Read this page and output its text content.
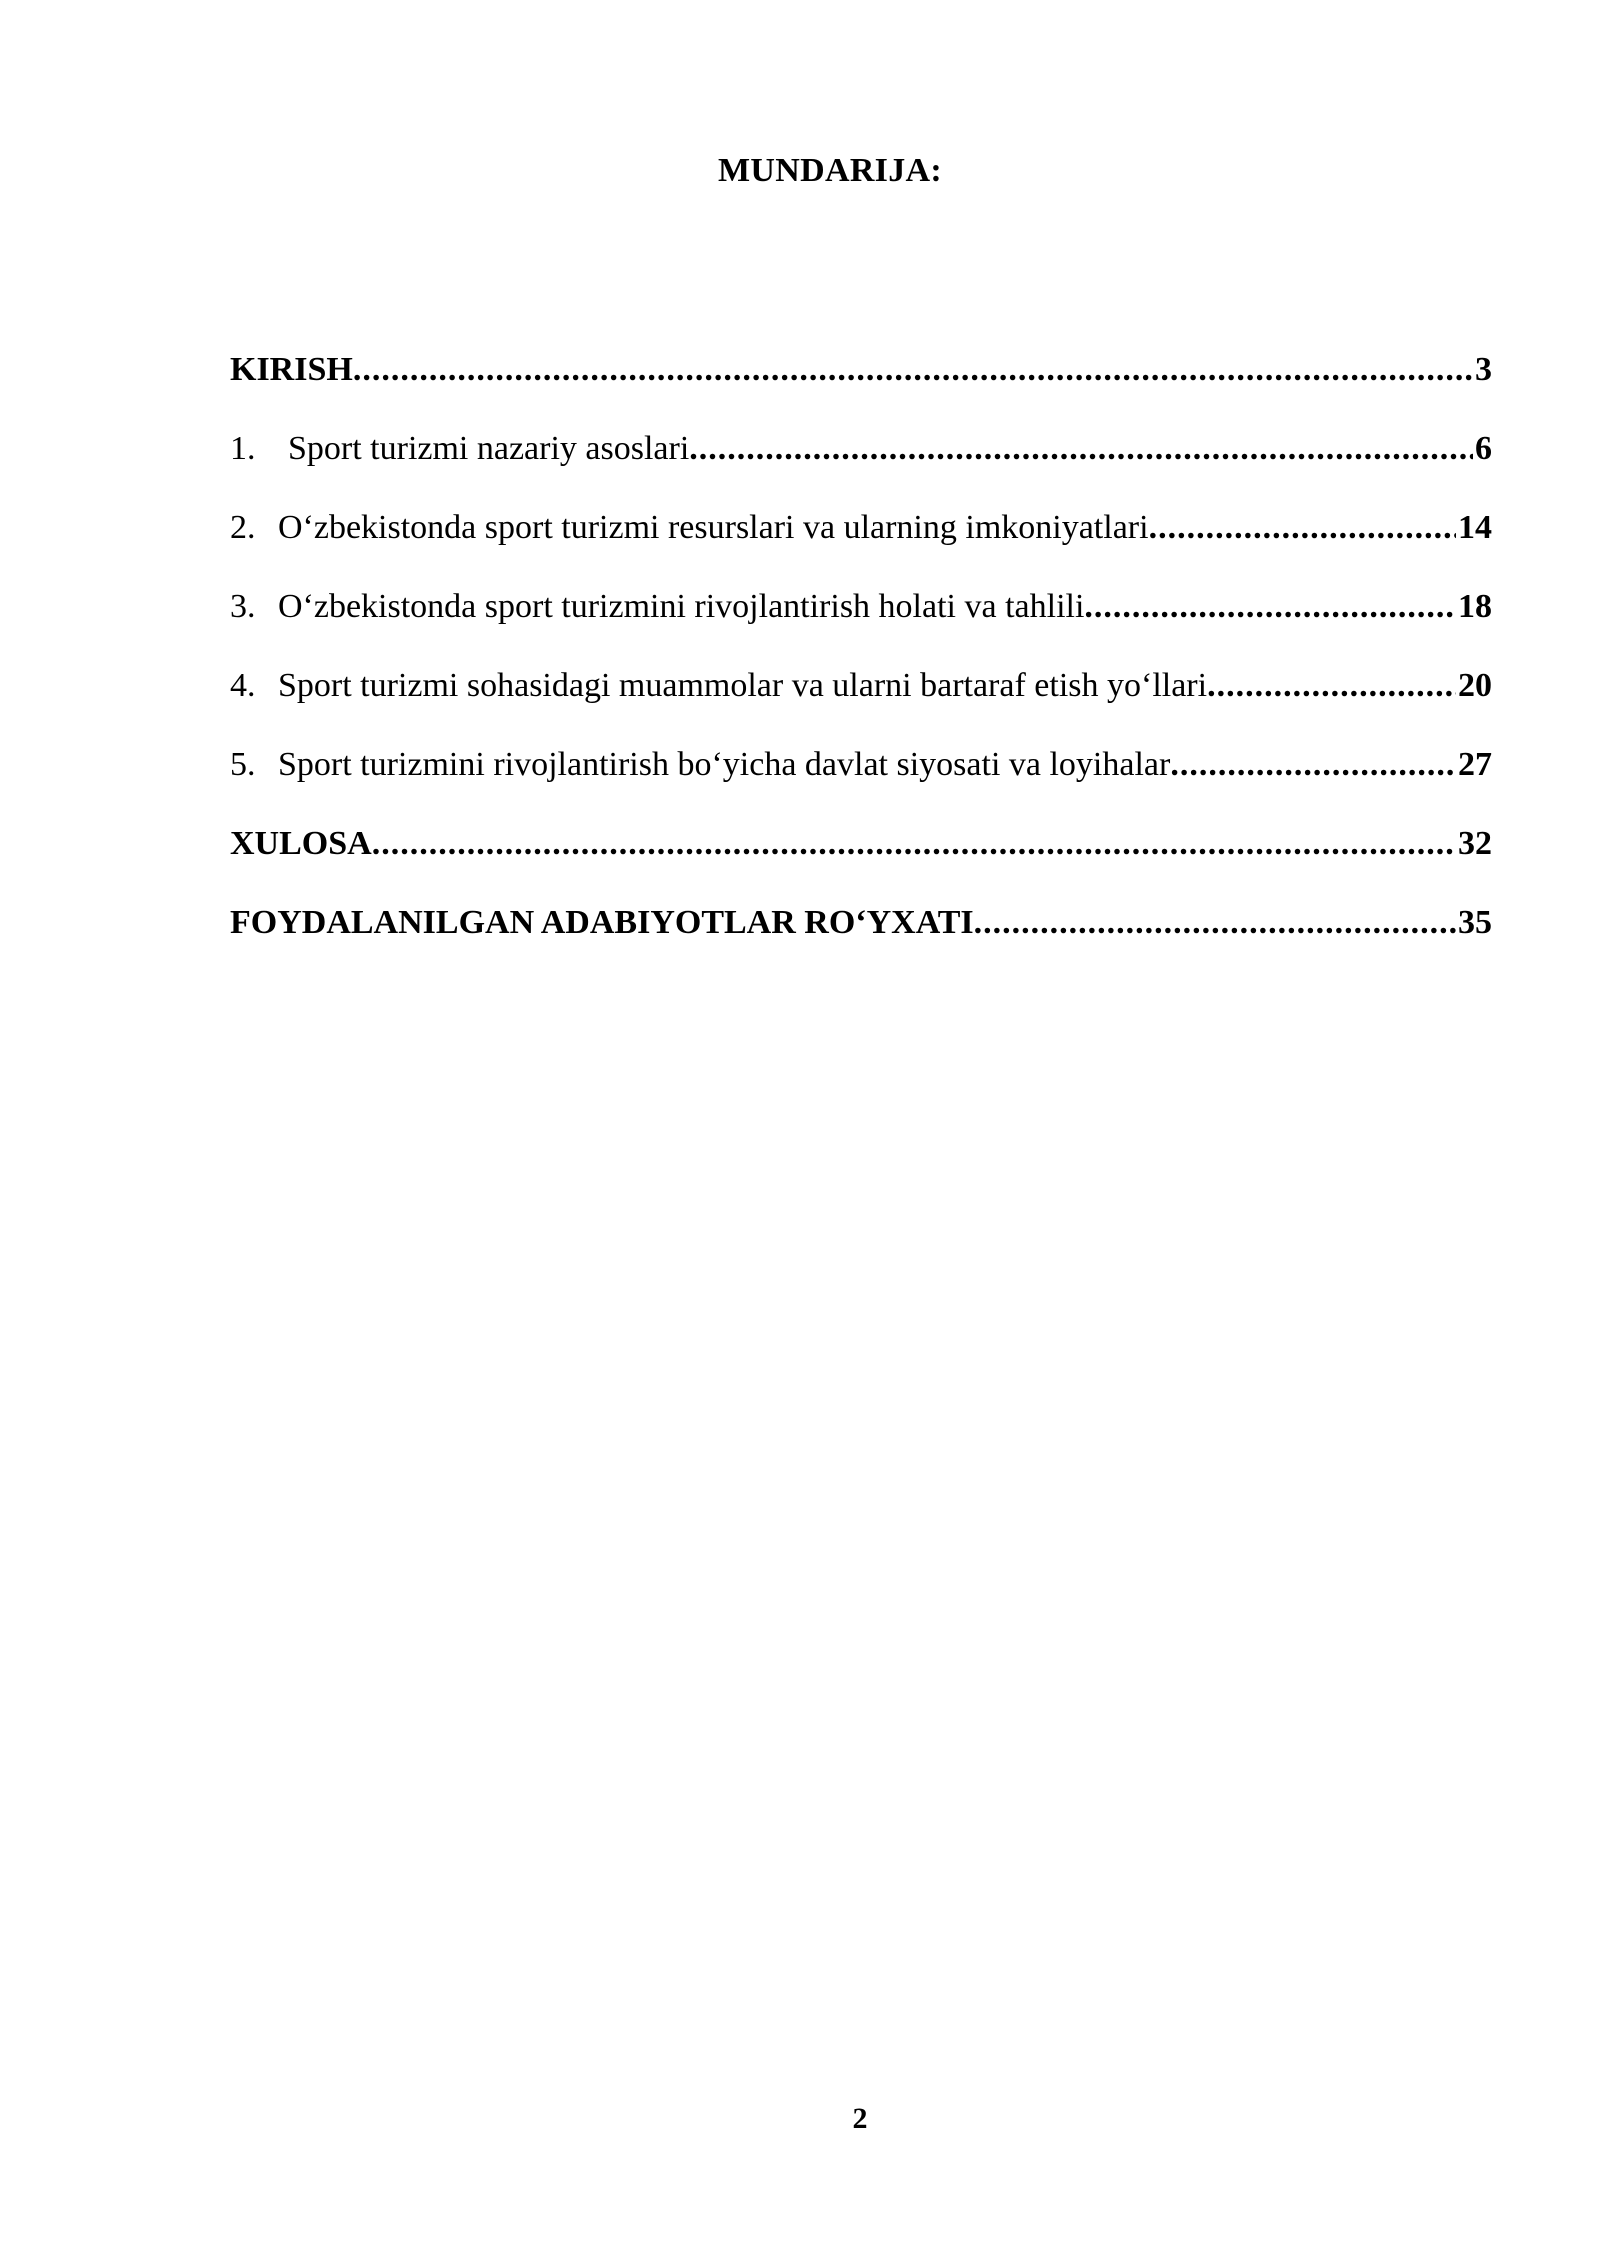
MUNDARIJA:
KIRISH .....	3
1. Sport turizmi nazariy asoslari .....	6
2. O‘zbekistonda sport turizmi resurslari va ularning imkoniyatlari .....	14
3. O‘zbekistonda sport turizmini rivojlantirish holati va tahlili .....	18
4. Sport turizmi sohasidagi muammolar va ularni bartaraf etish yo‘llari .....	20
5. Sport turizmini rivojlantirish bo‘yicha davlat siyosati va loyihalar .....	27
XULOSA .....	32
FOYDALANILGAN ADABIYOTLAR RO‘YXATI .....	35
2
